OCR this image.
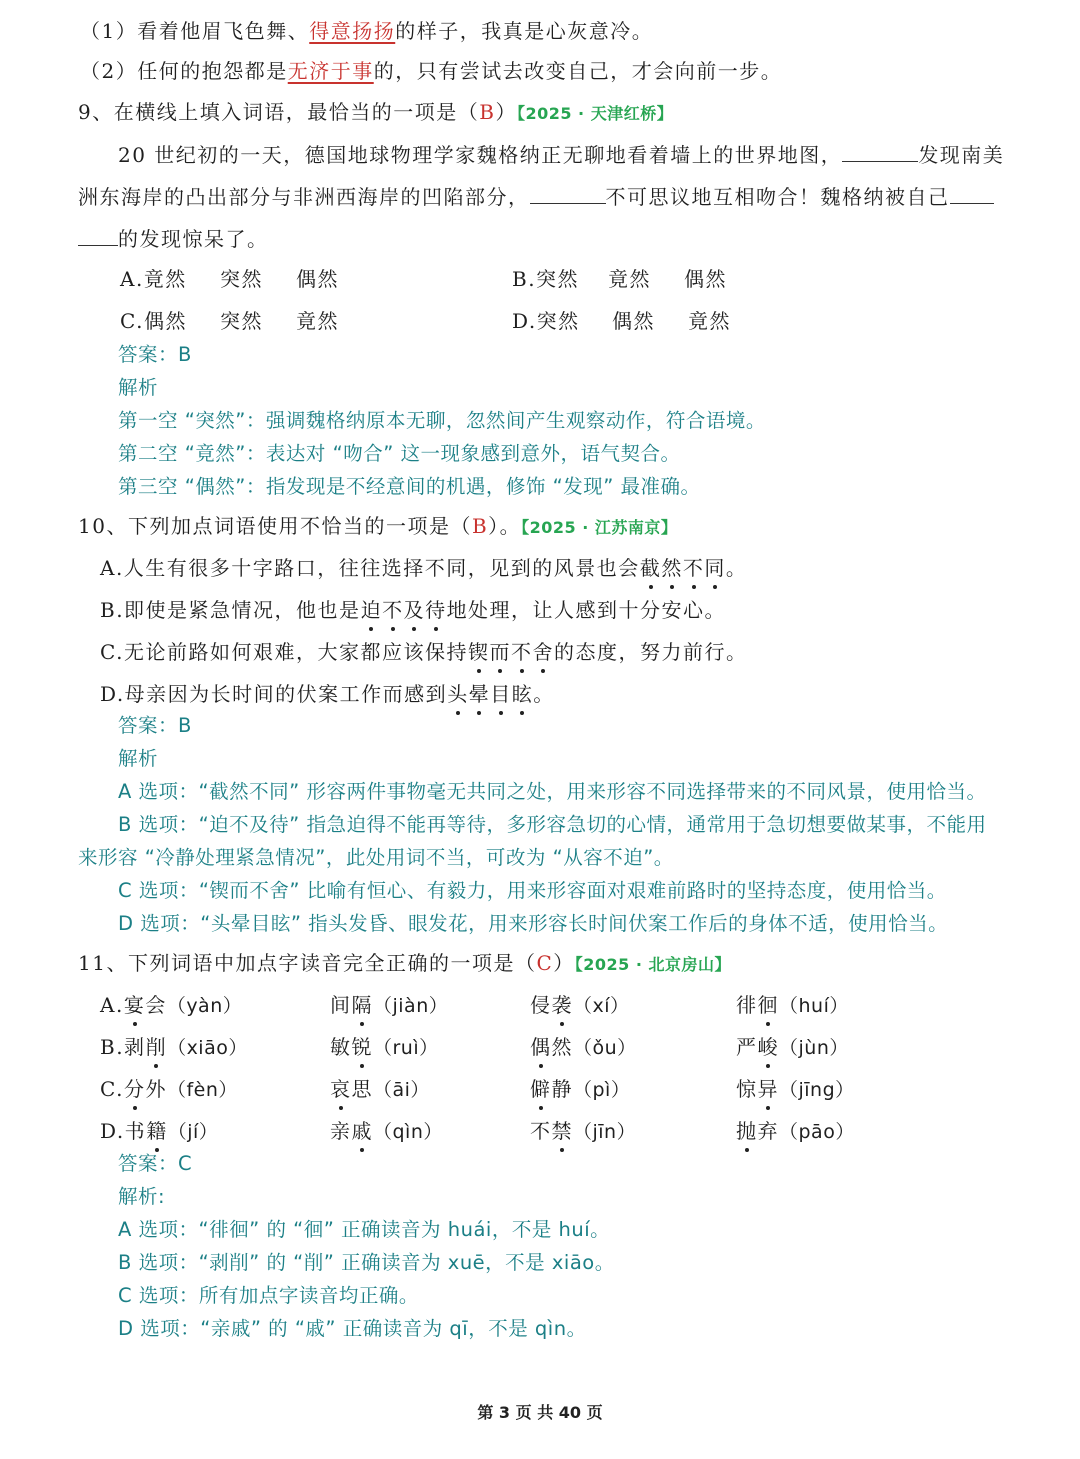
（1）看着他眉飞色舞、得意扬扬的样子，我真是心灰意冷。
（2）任何的抱怨都是无济于事的，只有尝试去改变自己，才会向前一步。
9、在横线上填入词语，最恰当的一项是（B）【2025 · 天津红桥】
20 世纪初的一天，德国地球物理学家魏格纳正无聊地看着墙上的世界地图，	发现南美
洲东海岸的凸出部分与非洲西海岸的凹陷部分，	不可思议地互相吻合！魏格纳被自己
的发现惊呆了。
A.竟然 突然 偶然	B.突然 竟然 偶然
C.偶然 突然 竟然	D.突然 偶然 竟然
答案：B
解析
第一空 “突然”：强调魏格纳原本无聊，忽然间产生观察动作，符合语境。
第二空 “竟然”：表达对 “吻合” 这一现象感到意外，语气契合。
第三空 “偶然”：指发现是不经意间的机遇，修饰 “发现” 最准确。
10、下列加点词语使用不恰当的一项是（B）。【2025 · 江苏南京】
A.人生有很多十字路口，往往选择不同，见到的风景也会截然不同。
B.即使是紧急情况，他也是迫不及待地处理，让人感到十分安心。
C.无论前路如何艰难，大家都应该保持锲而不舍的态度，努力前行。
D.母亲因为长时间的伏案工作而感到头晕目眩。
答案：B
解析
A 选项：“截然不同” 形容两件事物毫无共同之处，用来形容不同选择带来的不同风景，使用恰当。
B 选项：“迫不及待” 指急迫得不能再等待，多形容急切的心情，通常用于急切想要做某事，不能用
来形容 “冷静处理紧急情况”，此处用词不当，可改为 “从容不迫”。
C 选项：“锲而不舍” 比喻有恒心、有毅力，用来形容面对艰难前路时的坚持态度，使用恰当。
D 选项：“头晕目眩” 指头发昏、眼发花，用来形容长时间伏案工作后的身体不适，使用恰当。
11、下列词语中加点字读音完全正确的一项是（C）【2025 · 北京房山】
A.宴会（yàn）	间隔（jiàn）	侵袭（xí）	徘徊（huí）
B.剥削（xiāo）	敏锐（ruì）	偶然（ǒu）	严峻（jùn）
C.分外（fèn）	哀思（āi）	僻静（pì）	惊异（jīng）
D.书籍（jí）	亲戚（qìn）	不禁（jīn）	抛弃（pāo）
答案：C
解析:
A 选项：“徘徊” 的 “徊” 正确读音为 huái，不是 huí。
B 选项：“剥削” 的 “削” 正确读音为 xuē，不是 xiāo。
C 选项：所有加点字读音均正确。
D 选项：“亲戚” 的 “戚” 正确读音为 qī，不是 qìn。
第 3 页 共 40 页
